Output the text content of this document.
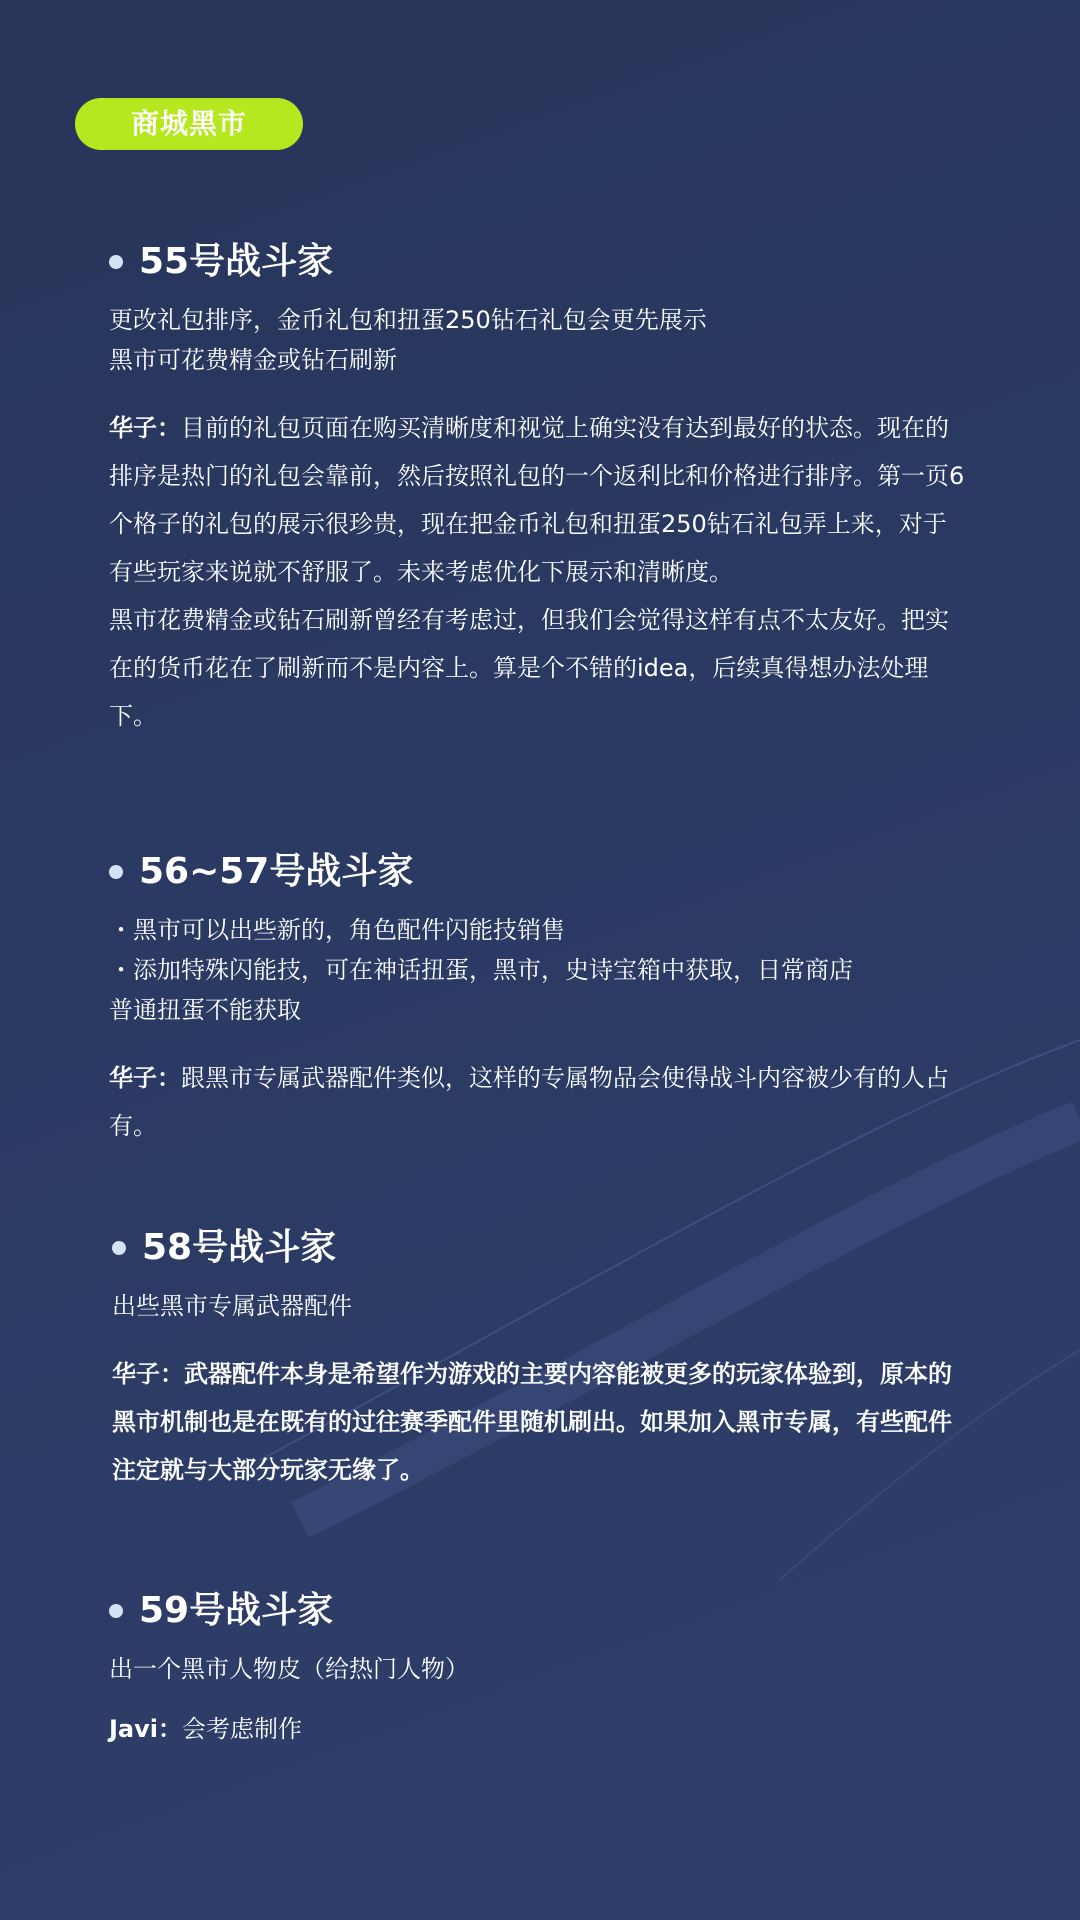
商城黑市
55号战斗家
更改礼包排序，金币礼包和扭蛋250钻石礼包会更先展示
黑市可花费精金或钻石刷新

华子：目前的礼包页面在购买清晰度和视觉上确实没有达到最好的状态。现在的排序是热门的礼包会靠前，然后按照礼包的一个返利比和价格进行排序。第一页6个格子的礼包的展示很珍贵，现在把金币礼包和扭蛋250钻石礼包弄上来，对于有些玩家来说就不舒服了。未来考虑优化下展示和清晰度。

黑市花费精金或钻石刷新曾经有考虑过，但我们会觉得这样有点不太友好。把实在的货币花在了刷新而不是内容上。算是个不错的idea，后续真得想办法处理下。

56~57号战斗家
・黑市可以出些新的，角色配件闪能技销售
・添加特殊闪能技，可在神话扭蛋，黑市，史诗宝箱中获取，日常商店
普通扭蛋不能获取

华子：跟黑市专属武器配件类似，这样的专属物品会使得战斗内容被少有的人占有。

58号战斗家
出些黑市专属武器配件

华子：武器配件本身是希望作为游戏的主要内容能被更多的玩家体验到，原本的黑市机制也是在既有的过往赛季配件里随机刷出。如果加入黑市专属，有些配件注定就与大部分玩家无缘了。

59号战斗家
出一个黑市人物皮（给热门人物）

Javi：会考虑制作
